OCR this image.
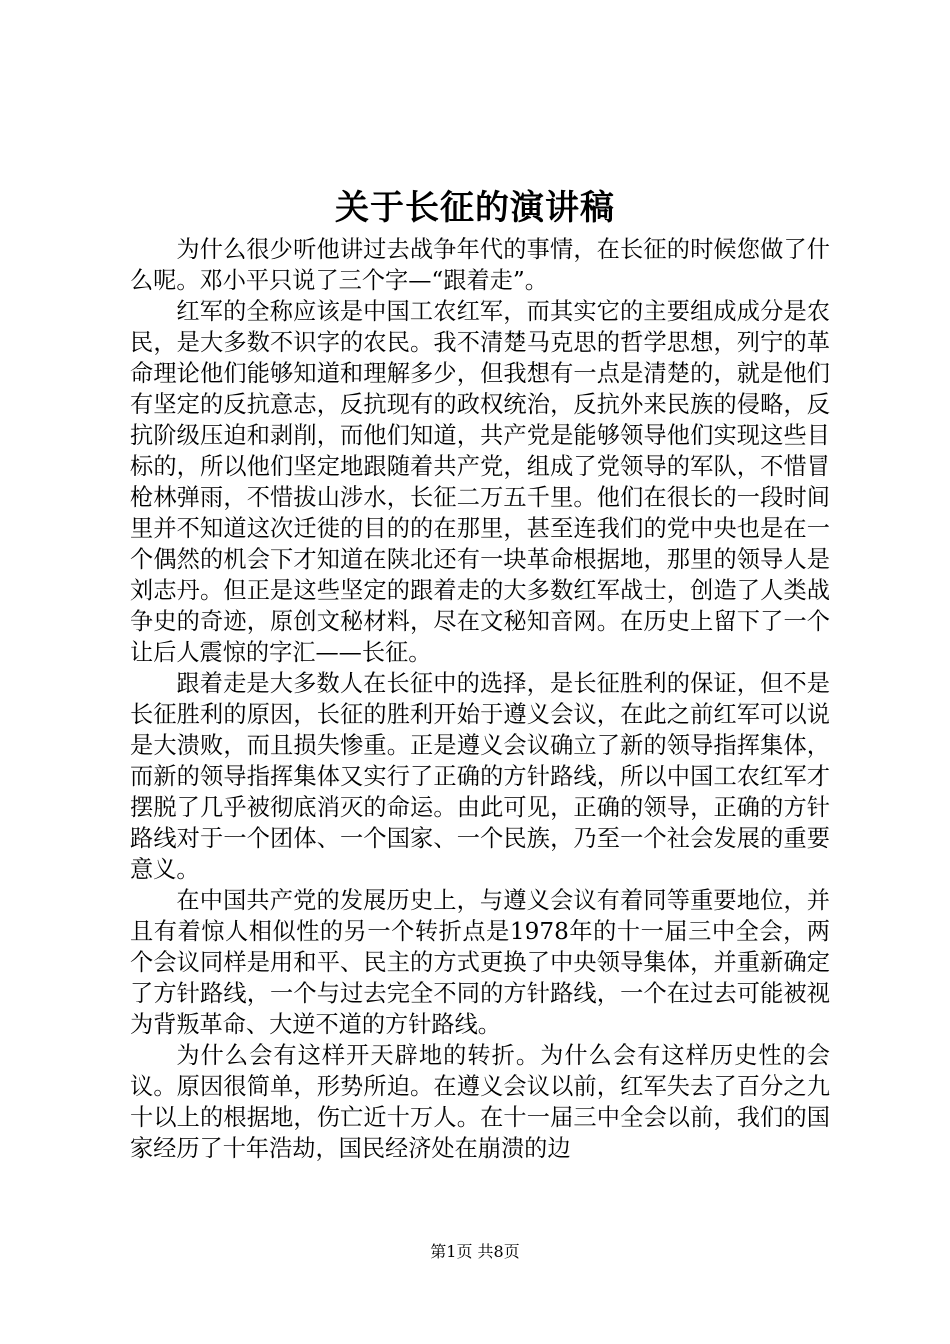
关于长征的演讲稿

为什么很少听他讲过去战争年代的事情，在长征的时候您做了什么呢。邓小平只说了三个字—“跟着走”。

红军的全称应该是中国工农红军，而其实它的主要组成成分是农民，是大多数不识字的农民。我不清楚马克思的哲学思想，列宁的革命理论他们能够知道和理解多少，但我想有一点是清楚的，就是他们有坚定的反抗意志，反抗现有的政权统治，反抗外来民族的侵略，反抗阶级压迫和剥削，而他们知道，共产党是能够领导他们实现这些目标的，所以他们坚定地跟随着共产党，组成了党领导的军队，不惜冒枪林弹雨，不惜拔山涉水，长征二万五千里。他们在很长的一段时间里并不知道这次迁徙的目的的在那里，甚至连我们的党中央也是在一个偶然的机会下才知道在陕北还有一块革命根据地，那里的领导人是刘志丹。但正是这些坚定的跟着走的大多数红军战士，创造了人类战争史的奇迹，原创文秘材料，尽在文秘知音网。在历史上留下了一个让后人震惊的字汇——长征。

跟着走是大多数人在长征中的选择，是长征胜利的保证，但不是长征胜利的原因，长征的胜利开始于遵义会议，在此之前红军可以说是大溃败，而且损失惨重。正是遵义会议确立了新的领导指挥集体，而新的领导指挥集体又实行了正确的方针路线，所以中国工农红军才摆脱了几乎被彻底消灭的命运。由此可见，正确的领导，正确的方针路线对于一个团体、一个国家、一个民族，乃至一个社会发展的重要意义。

在中国共产党的发展历史上，与遵义会议有着同等重要地位，并且有着惊人相似性的另一个转折点是1978年的十一届三中全会，两个会议同样是用和平、民主的方式更换了中央领导集体，并重新确定了方针路线，一个与过去完全不同的方针路线，一个在过去可能被视为背叛革命、大逆不道的方针路线。

为什么会有这样开天辟地的转折。为什么会有这样历史性的会议。原因很简单，形势所迫。在遵义会议以前，红军失去了百分之九十以上的根据地，伤亡近十万人。在十一届三中全会以前，我们的国家经历了十年浩劫，国民经济处在崩溃的边

第1页 共8页
